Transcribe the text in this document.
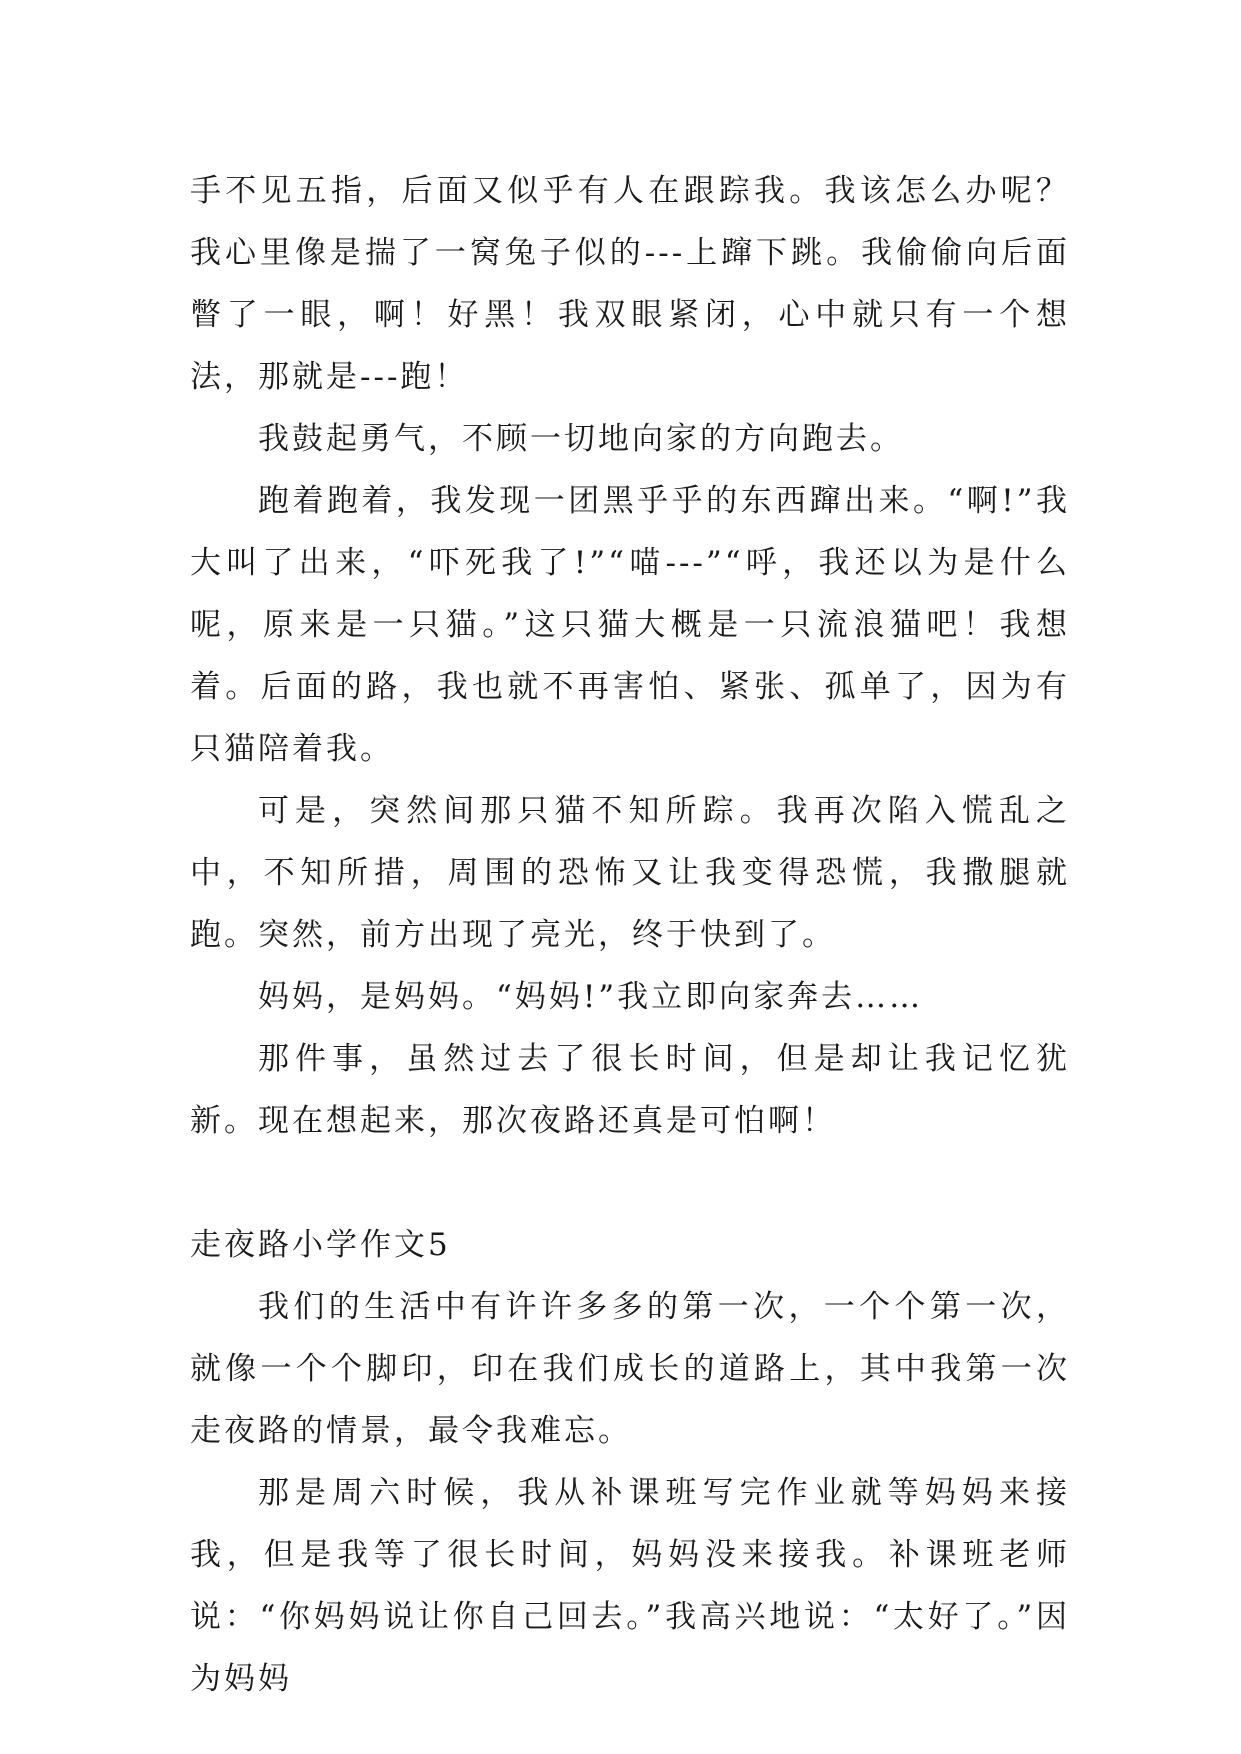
手不见五指，后面又似乎有人在跟踪我。我该怎么办呢？我心里像是揣了一窝兔子似的---上蹿下跳。我偷偷向后面瞥了一眼，啊！好黑！我双眼紧闭，心中就只有一个想法，那就是---跑！

我鼓起勇气，不顾一切地向家的方向跑去。

跑着跑着，我发现一团黑乎乎的东西蹿出来。“啊!”我大叫了出来，“吓死我了!”“喵---”“呼，我还以为是什么呢，原来是一只猫。”这只猫大概是一只流浪猫吧！我想着。后面的路，我也就不再害怕、紧张、孤单了，因为有只猫陪着我。

可是，突然间那只猫不知所踪。我再次陷入慌乱之中，不知所措，周围的恐怖又让我变得恐慌，我撒腿就跑。突然，前方出现了亮光，终于快到了。

妈妈，是妈妈。“妈妈!”我立即向家奔去……

那件事，虽然过去了很长时间，但是却让我记忆犹新。现在想起来，那次夜路还真是可怕啊！

走夜路小学作文5

我们的生活中有许许多多的第一次，一个个第一次，就像一个个脚印，印在我们成长的道路上，其中我第一次走夜路的情景，最令我难忘。

那是周六时候，我从补课班写完作业就等妈妈来接我，但是我等了很长时间，妈妈没来接我。补课班老师说：“你妈妈说让你自己回去。”我高兴地说：“太好了。”因为妈妈
